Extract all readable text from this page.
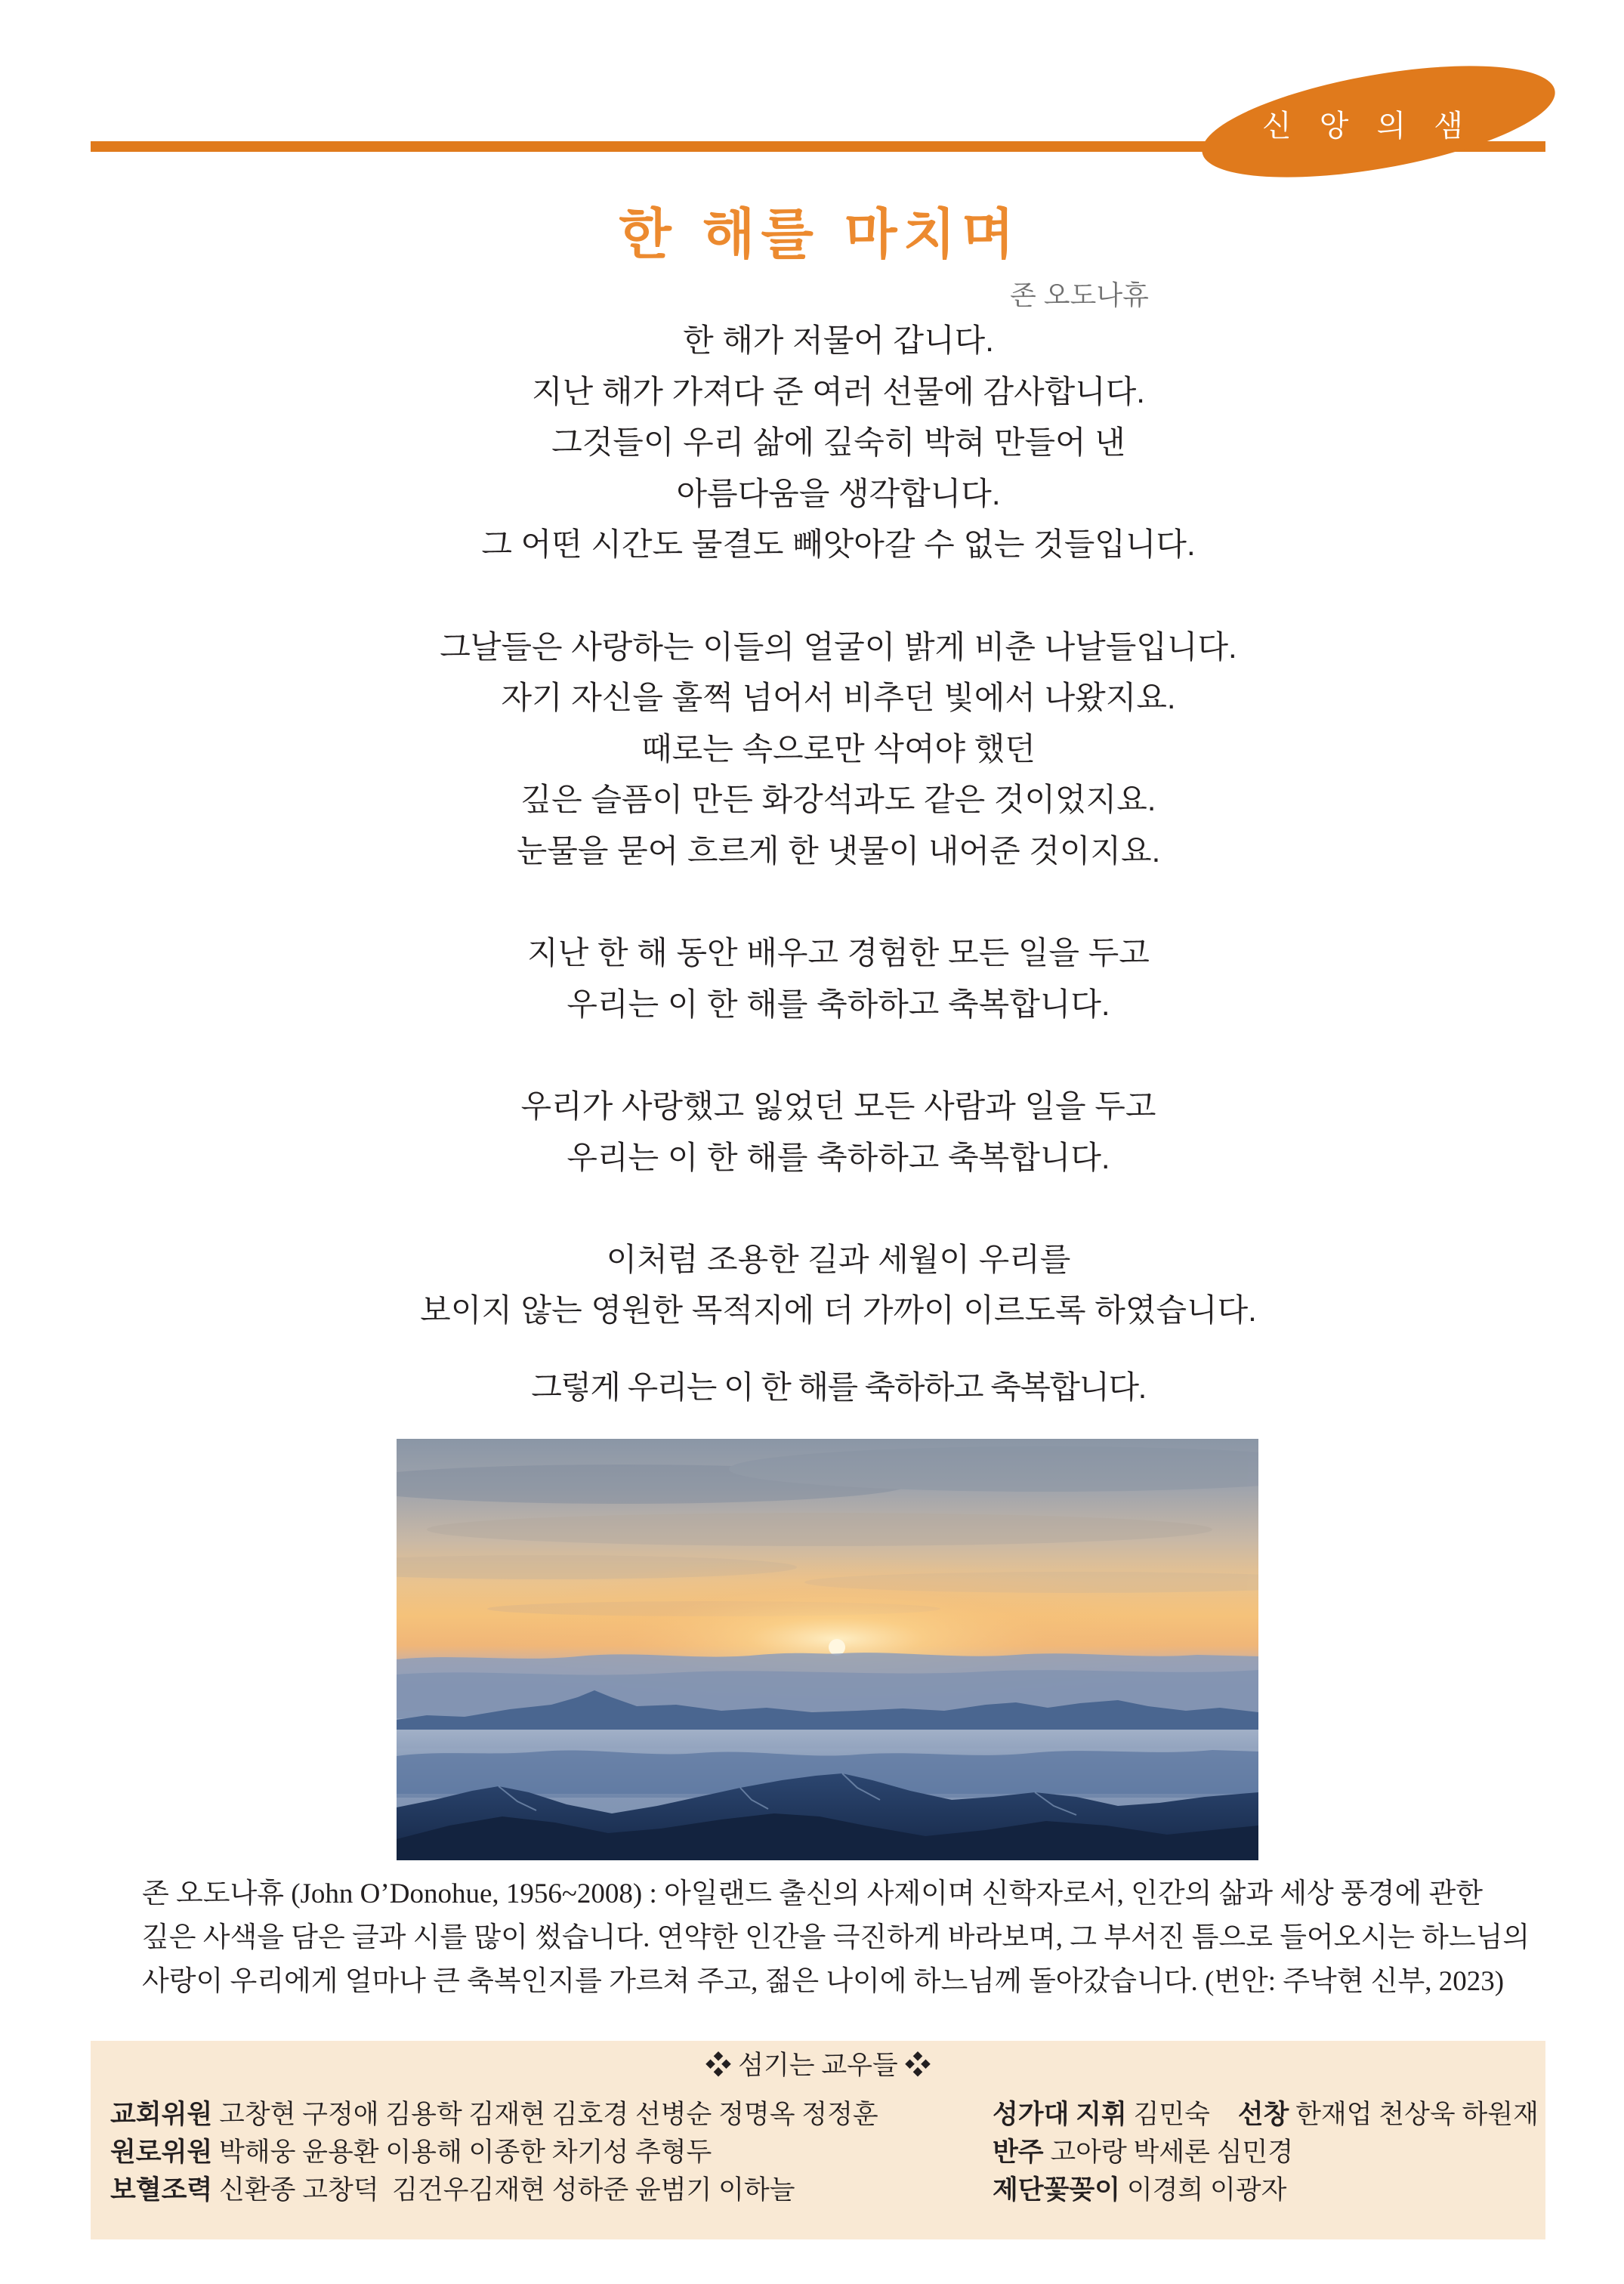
신 앙 의 샘
한 해를 마치며
존 오도나휴
한 해가 저물어 갑니다.
지난 해가 가져다 준 여러 선물에 감사합니다.
그것들이 우리 삶에 깊숙히 박혀 만들어 낸
아름다움을 생각합니다.
그 어떤 시간도 물결도 빼앗아갈 수 없는 것들입니다.
그날들은 사랑하는 이들의 얼굴이 밝게 비춘 나날들입니다.
자기 자신을 훌쩍 넘어서 비추던 빛에서 나왔지요.
때로는 속으로만 삭여야 했던
깊은 슬픔이 만든 화강석과도 같은 것이었지요.
눈물을 묻어 흐르게 한 냇물이 내어준 것이지요.
지난 한 해 동안 배우고 경험한 모든 일을 두고
우리는 이 한 해를 축하하고 축복합니다.
우리가 사랑했고 잃었던 모든 사람과 일을 두고
우리는 이 한 해를 축하하고 축복합니다.
이처럼 조용한 길과 세월이 우리를
보이지 않는 영원한 목적지에 더 가까이 이르도록 하였습니다.
그렇게 우리는 이 한 해를 축하하고 축복합니다.
존 오도나휴 (John O’Donohue, 1956~2008) : 아일랜드 출신의 사제이며 신학자로서, 인간의 삶과 세상 풍경에 관한
깊은 사색을 담은 글과 시를 많이 썼습니다. 연약한 인간을 극진하게 바라보며, 그 부서진 틈으로 들어오시는 하느님의
사랑이 우리에게 얼마나 큰 축복인지를 가르쳐 주고, 젊은 나이에 하느님께 돌아갔습니다. (번안: 주낙현 신부, 2023)
❖ 섬기는 교우들 ❖
교회위원 고창현 구정애 김용학 김재현 김호경 선병순 정명옥 정정훈
원로위원 박해웅 윤용환 이용해 이종한 차기성 추형두
보혈조력 신환종 고창덕  김건우김재현 성하준 윤범기 이하늘
성가대 지휘 김민숙 선창 한재업 천상욱 하원재
반주 고아랑 박세론 심민경
제단꽃꽂이 이경희 이광자
